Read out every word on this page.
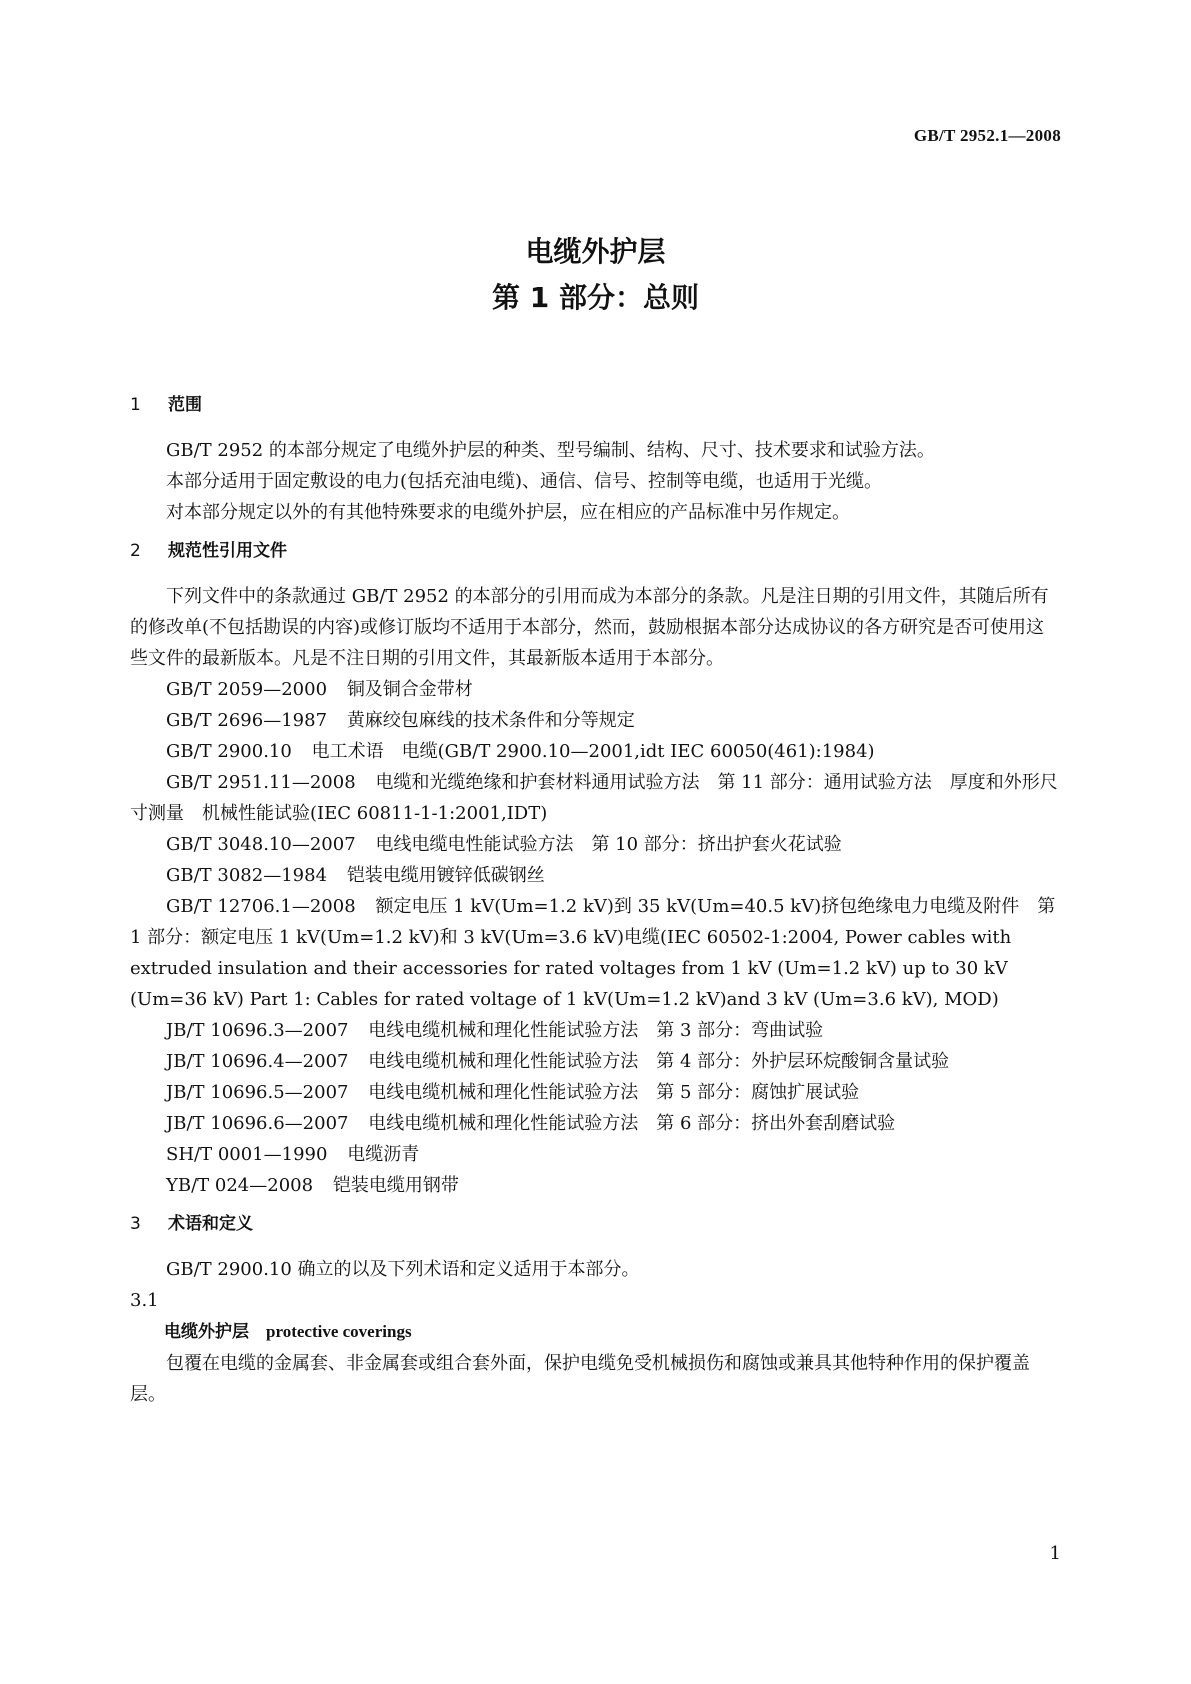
GB/T 2952.1—2008
电缆外护层
第 1 部分：总则
1 范围
GB/T 2952 的本部分规定了电缆外护层的种类、型号编制、结构、尺寸、技术要求和试验方法。
本部分适用于固定敷设的电力(包括充油电缆)、通信、信号、控制等电缆，也适用于光缆。
对本部分规定以外的有其他特殊要求的电缆外护层，应在相应的产品标准中另作规定。
2 规范性引用文件
下列文件中的条款通过 GB/T 2952 的本部分的引用而成为本部分的条款。凡是注日期的引用文件，其随后所有的修改单(不包括勘误的内容)或修订版均不适用于本部分，然而，鼓励根据本部分达成协议的各方研究是否可使用这些文件的最新版本。凡是不注日期的引用文件，其最新版本适用于本部分。
GB/T 2059—2000 铜及铜合金带材
GB/T 2696—1987 黄麻绞包麻线的技术条件和分等规定
GB/T 2900.10 电工术语　电缆(GB/T 2900.10—2001,idt IEC 60050(461):1984)
GB/T 2951.11—2008 电缆和光缆绝缘和护套材料通用试验方法　第 11 部分：通用试验方法　厚度和外形尺寸测量　机械性能试验(IEC 60811-1-1:2001,IDT)
GB/T 3048.10—2007 电线电缆电性能试验方法　第 10 部分：挤出护套火花试验
GB/T 3082—1984 铠装电缆用镀锌低碳钢丝
GB/T 12706.1—2008 额定电压 1 kV(Um=1.2 kV)到 35 kV(Um=40.5 kV)挤包绝缘电力电缆及附件　第 1 部分：额定电压 1 kV(Um=1.2 kV)和 3 kV(Um=3.6 kV)电缆(IEC 60502-1:2004, Power cables with extruded insulation and their accessories for rated voltages from 1 kV (Um=1.2 kV) up to 30 kV (Um=36 kV) Part 1: Cables for rated voltage of 1 kV(Um=1.2 kV)and 3 kV (Um=3.6 kV), MOD)
JB/T 10696.3—2007 电线电缆机械和理化性能试验方法　第 3 部分：弯曲试验
JB/T 10696.4—2007 电线电缆机械和理化性能试验方法　第 4 部分：外护层环烷酸铜含量试验
JB/T 10696.5—2007 电线电缆机械和理化性能试验方法　第 5 部分：腐蚀扩展试验
JB/T 10696.6—2007 电线电缆机械和理化性能试验方法　第 6 部分：挤出外套刮磨试验
SH/T 0001—1990 电缆沥青
YB/T 024—2008 铠装电缆用钢带
3 术语和定义
GB/T 2900.10 确立的以及下列术语和定义适用于本部分。
3.1
电缆外护层 protective coverings
包覆在电缆的金属套、非金属套或组合套外面，保护电缆免受机械损伤和腐蚀或兼具其他特种作用的保护覆盖层。
1
